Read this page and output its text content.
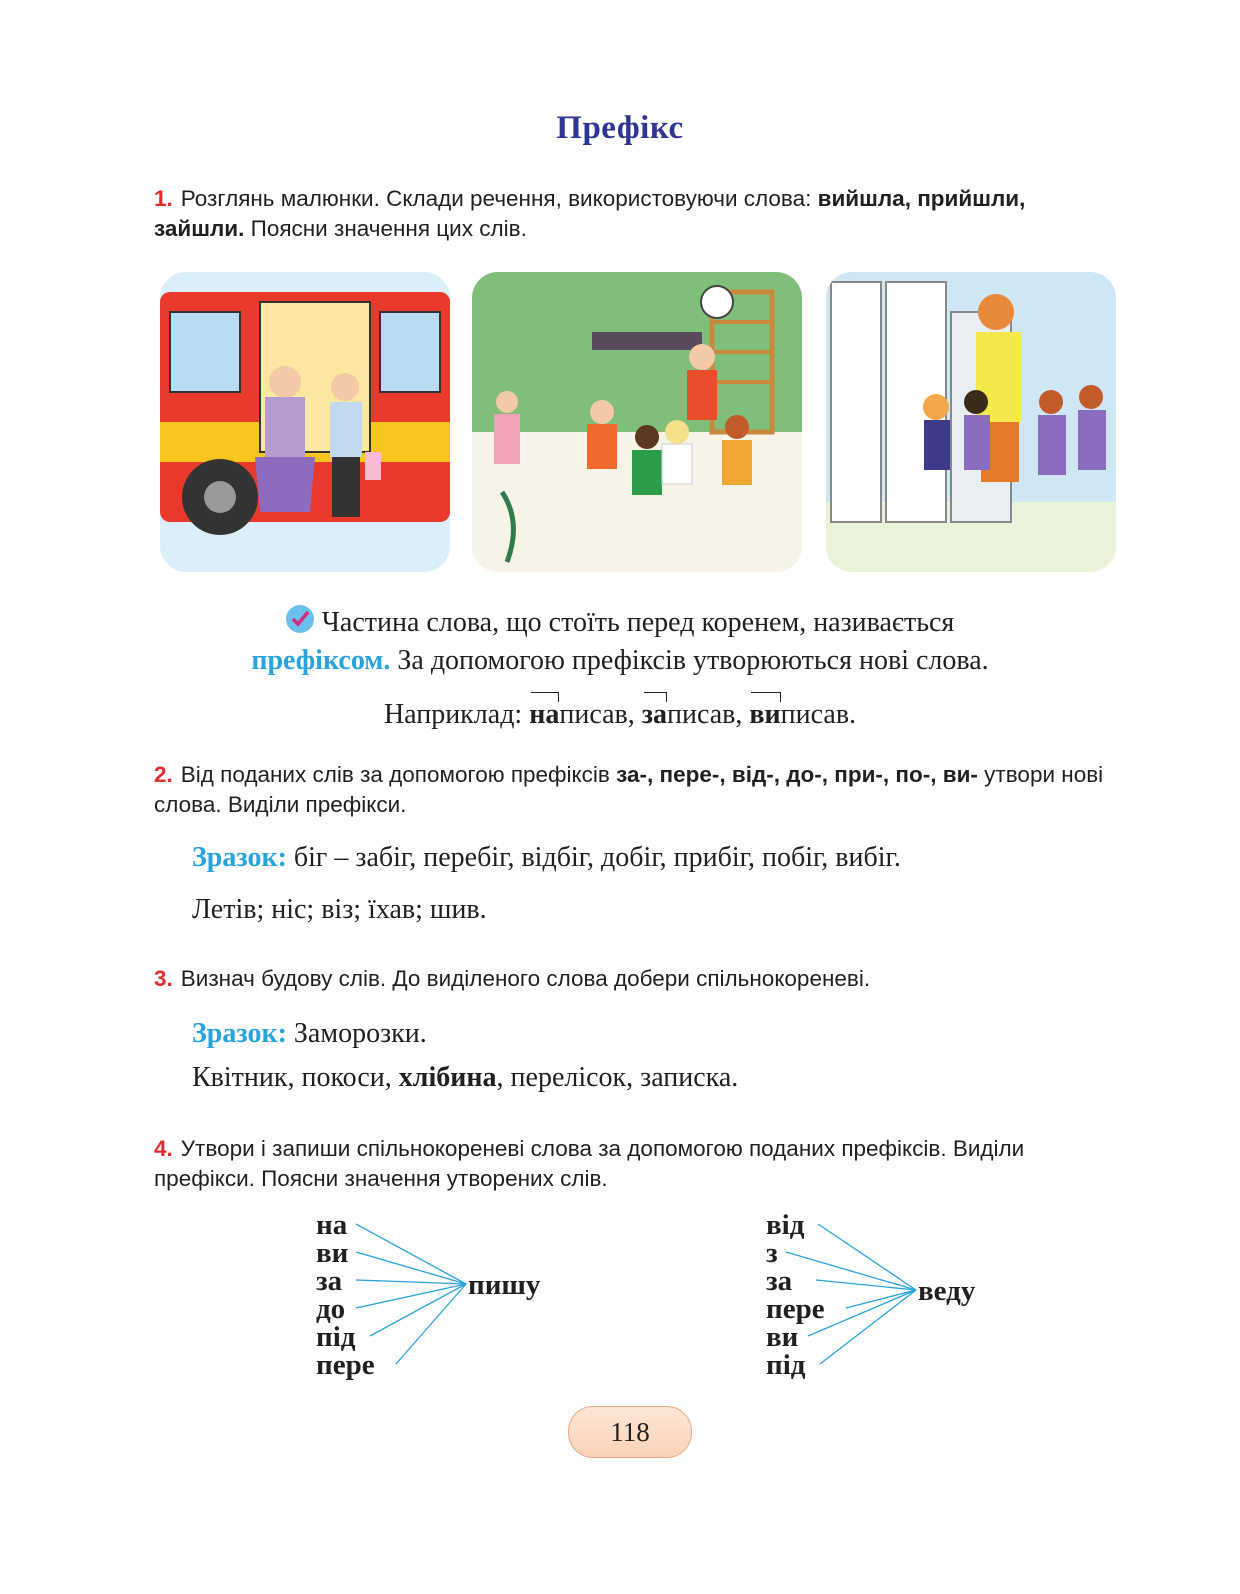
Префікс
1. Розглянь малюнки. Склади речення, використовуючи слова: вийшла, прийшли, зайшли. Поясни значення цих слів.
Частина слова, що стоїть перед коренем, називається
префіксом. За допомогою префіксів утворюються нові слова.
Наприклад: написав, записав, виписав.
2. Від поданих слів за допомогою префіксів за-, пере-, від-, до-, при-, по-, ви- утвори нові слова. Виділи префікси.
Зразок: біг – забіг, перебіг, відбіг, добіг, прибіг, побіг, вибіг.
Летів; ніс; віз; їхав; шив.
3. Визнач будову слів. До виділеного слова добери спільнокореневі.
Зразок: Заморозки.
Квітник, покоси, хлібина, перелісок, записка.
4. Утвори і запиши спільнокореневі слова за допомогою поданих префіксів. Виділи префікси. Поясни значення утворених слів.
на
ви
за
до
під
пере
пишу
від
з
за
пере
ви
під
веду
118
